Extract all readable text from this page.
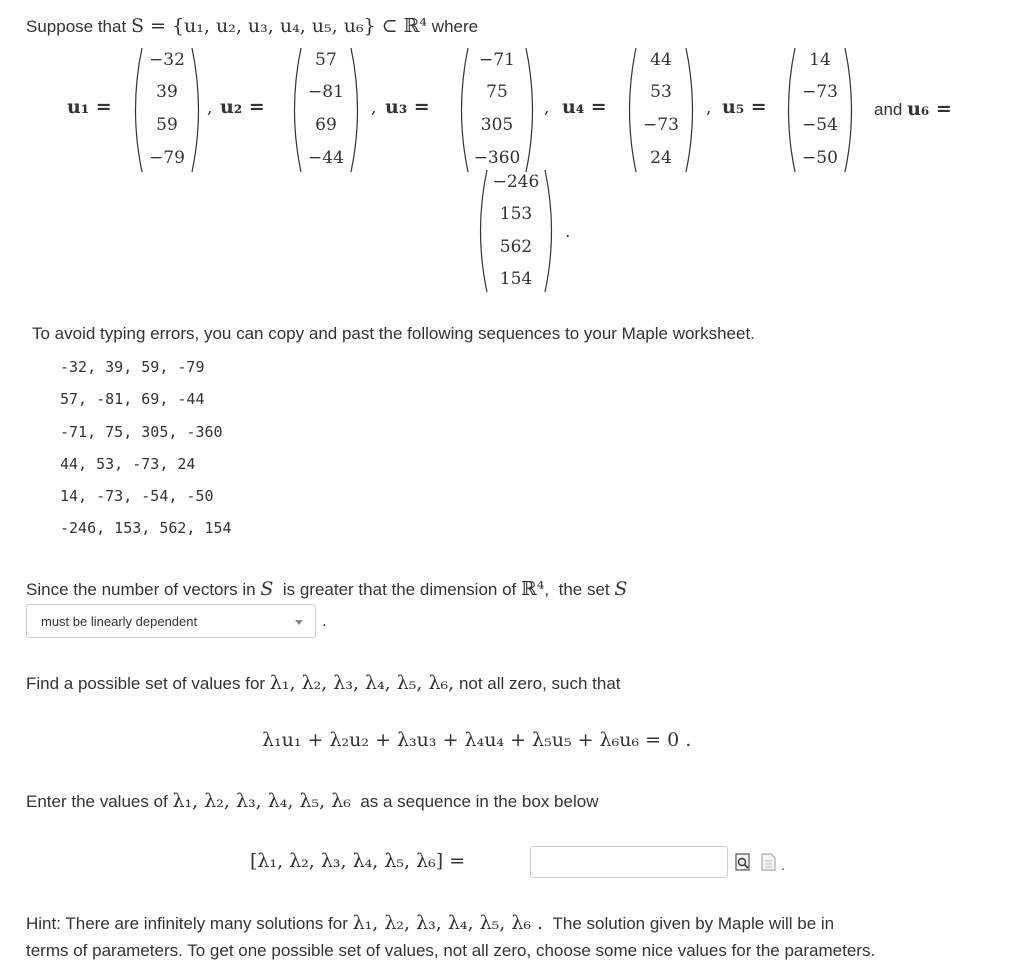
Suppose that S = {u₁, u₂, u₃, u₄, u₅, u₆} ⊂ ℝ⁴ where
u₁ =	u₂ =	u₃ =	u₄ =	u₅ =	and u₆ =
,	,	,	,
.
−32
39
59
−79
57
−81
69
−44
−71
75
305
−360
44
53
−73
24
14
−73
−54
−50
−246
153
562
154
To avoid typing errors, you can copy and past the following sequences to your Maple worksheet.
-32, 39, 59, -79
57, -81, 69, -44
-71, 75, 305, -360
44, 53, -73, 24
14, -73, -54, -50
-246, 153, 562, 154
Since the number of vectors in S is greater that the dimension of ℝ⁴, the set S
must be linearly dependent	.
Find a possible set of values for λ₁, λ₂, λ₃, λ₄, λ₅, λ₆, not all zero, such that
λ₁u₁ + λ₂u₂ + λ₃u₃ + λ₄u₄ + λ₅u₅ + λ₆u₆ = 0 .
Enter the values of λ₁, λ₂, λ₃, λ₄, λ₅, λ₆ as a sequence in the box below
[λ₁, λ₂, λ₃, λ₄, λ₅, λ₆] =	.
Hint: There are infinitely many solutions for λ₁, λ₂, λ₃, λ₄, λ₅, λ₆ . The solution given by Maple will be in
terms of parameters. To get one possible set of values, not all zero, choose some nice values for the parameters.
